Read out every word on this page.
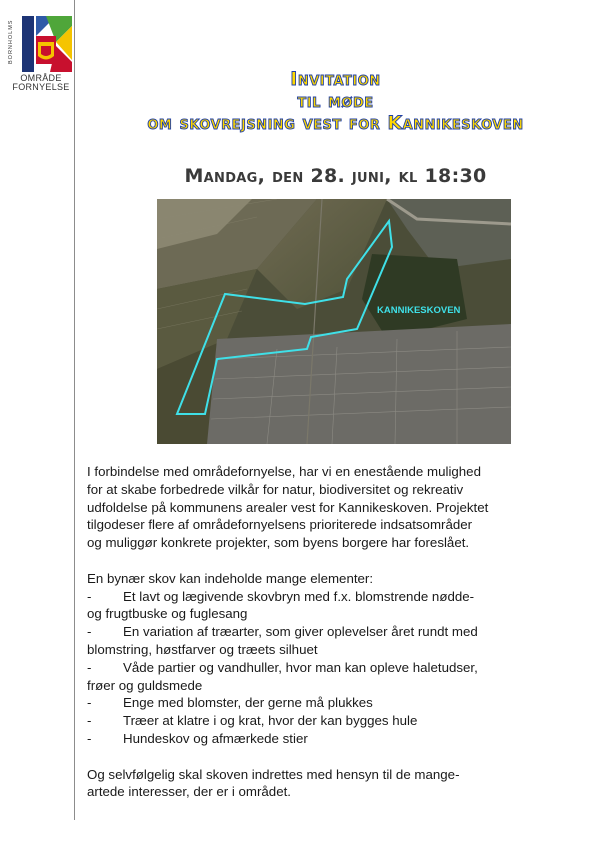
BORNHOLMS
OMRÅDE
FORNYELSE	Invitation
til møde
om skovrejsning vest for Kannikeskoven
Mandag, den 28. juni, kl 18:30
KANNIKESKOVEN

I forbindelse med områdefornyelse, har vi en enestående mulighed

for at skabe forbedrede vilkår for natur, biodiversitet og rekreativ

udfoldelse på kommunens arealer vest for Kannikeskoven. Projektet

tilgodeser flere af områdefornyelsens prioriterede indsatsområder

og muliggør konkrete projekter, som byens borgere har foreslået.

En bynær skov kan indeholde mange elementer:

-	Et lavt og lægivende skovbryn med f.x. blomstrende nødde-

og frugtbuske og fuglesang

-	En variation af træarter, som giver oplevelser året rundt med

blomstring, høstfarver og træets silhuet

-	Våde partier og vandhuller, hvor man kan opleve haletudser,

frøer og guldsmede

-	Enge med blomster, der gerne må plukkes

-	Træer at klatre i og krat, hvor der kan bygges hule

-	Hundeskov og afmærkede stier

Og selvfølgelig skal skoven indrettes med hensyn til de mange-

artede interesser, der er i området.
